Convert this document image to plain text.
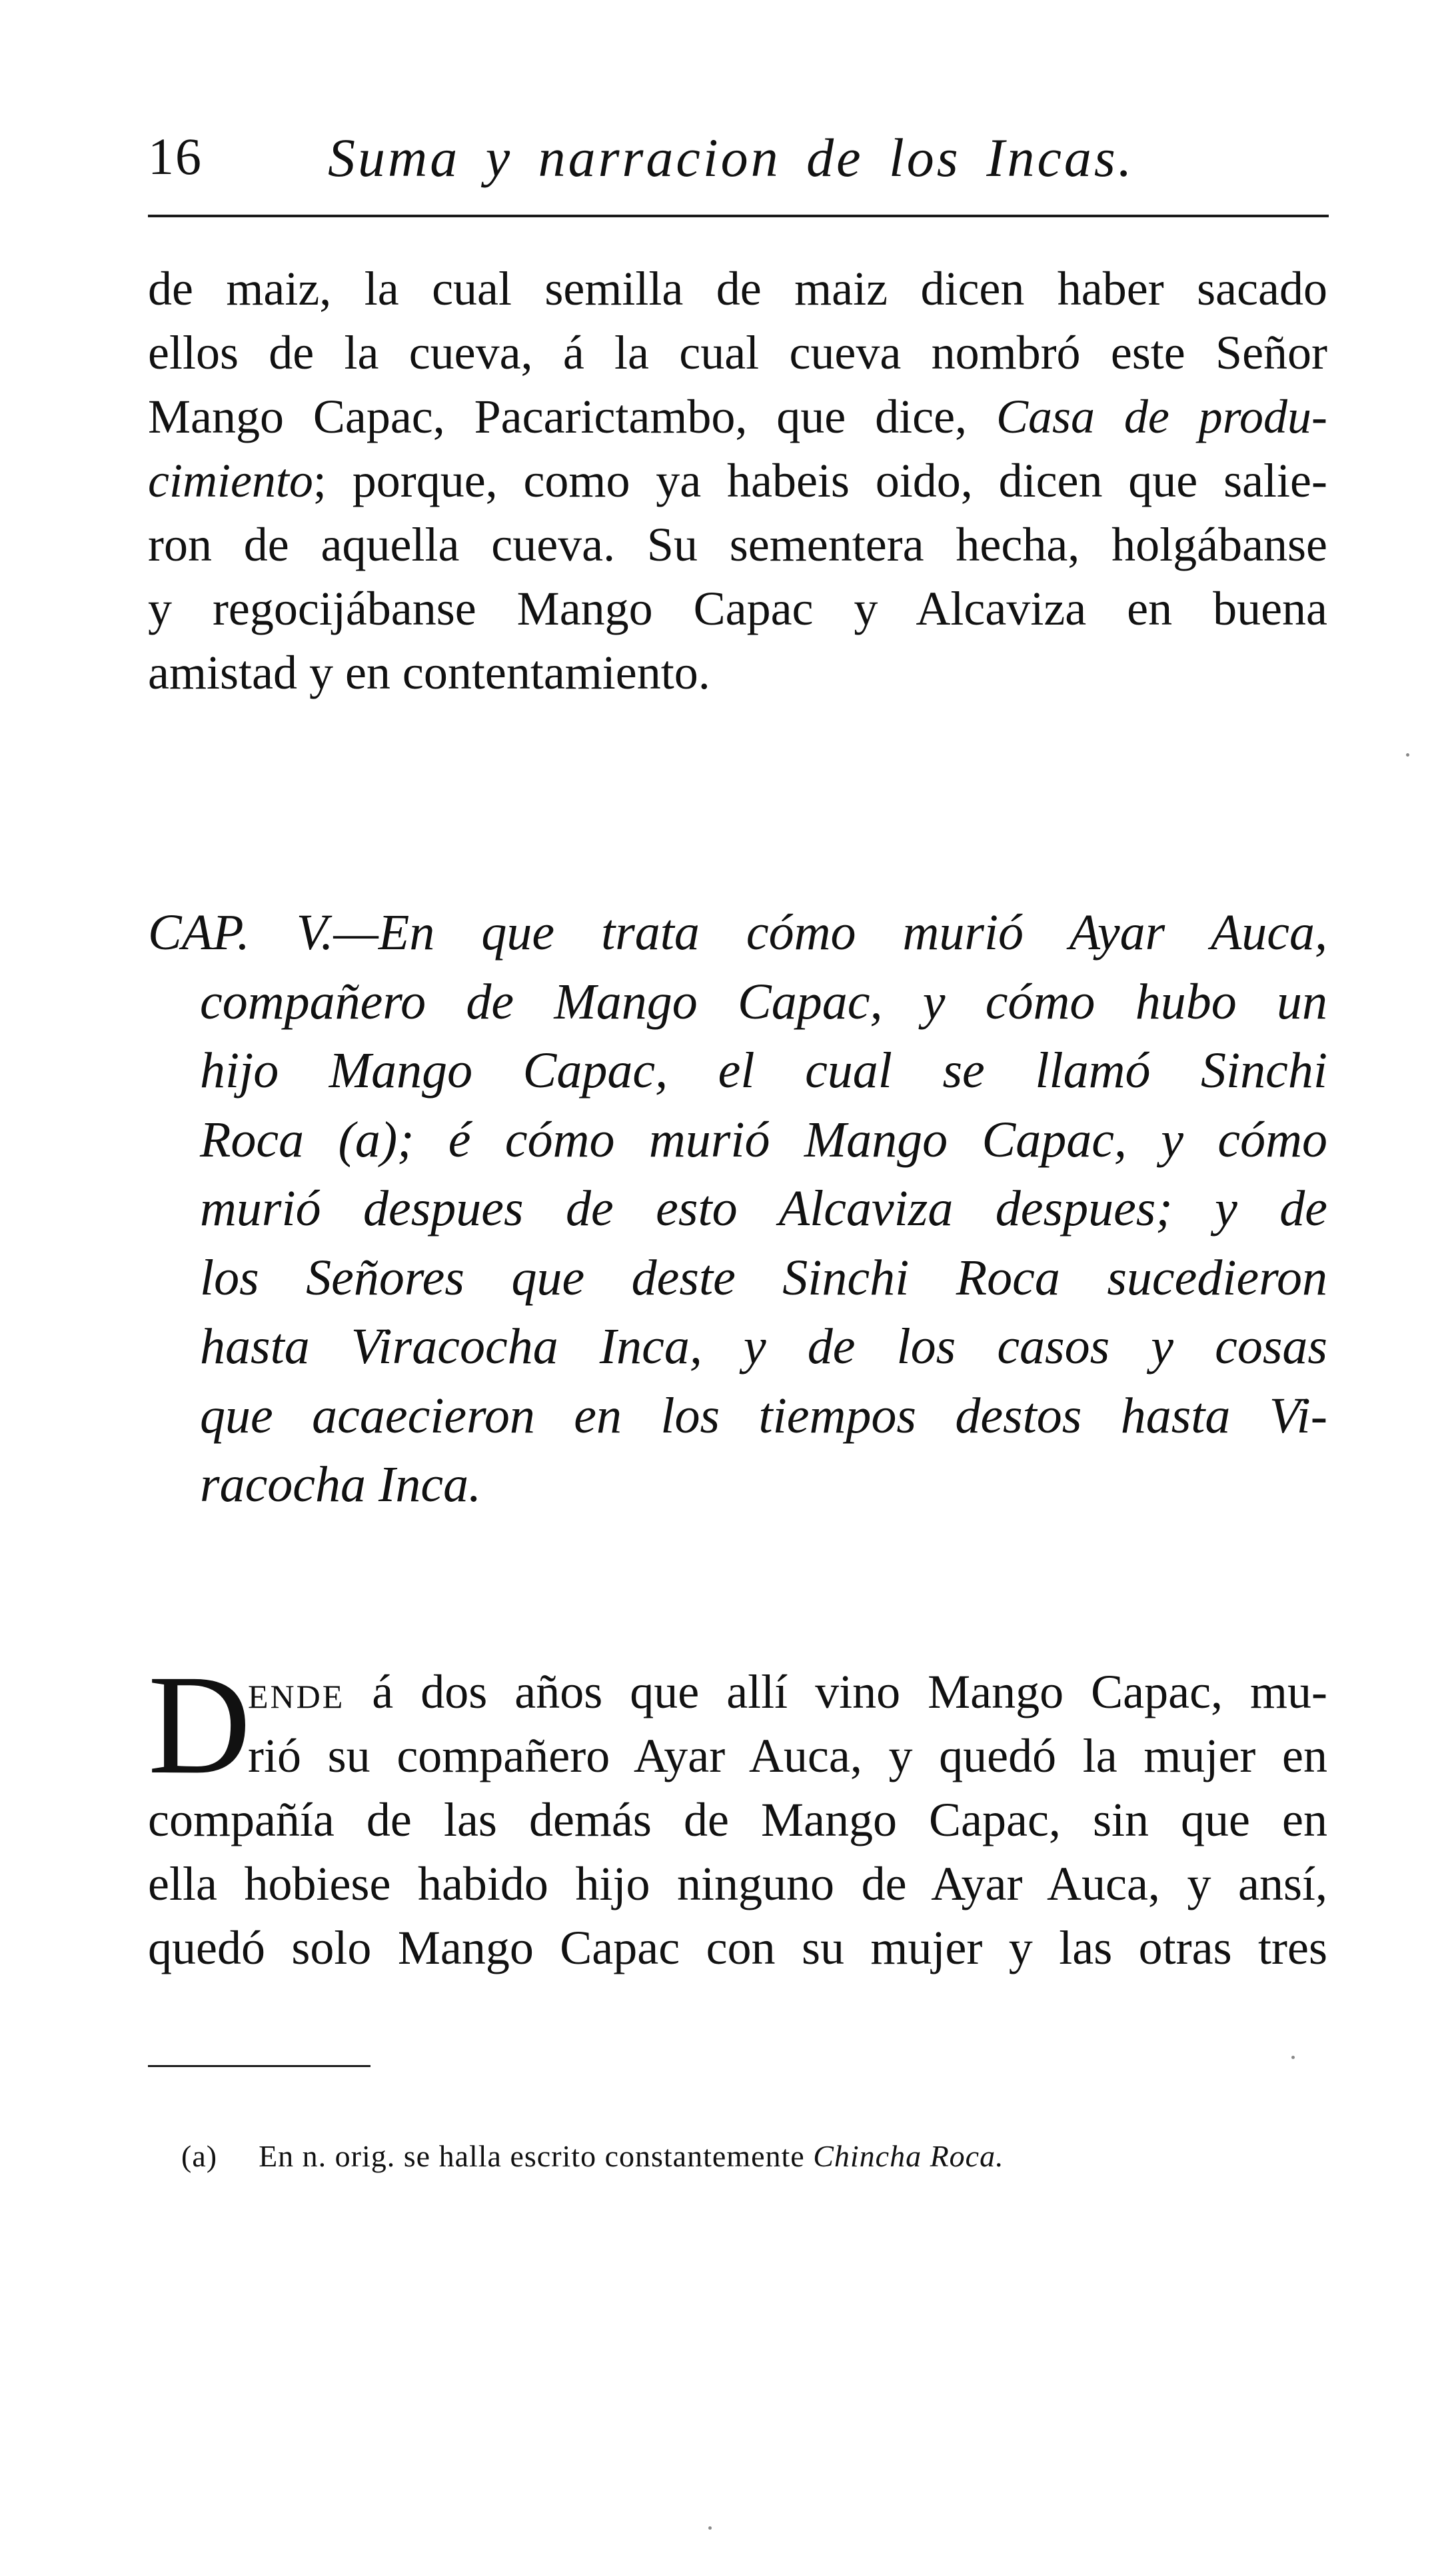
16 Suma y narracion de los Incas.
de maiz, la cual semilla de maiz dicen haber sacado
ellos de la cueva, á la cual cueva nombró este Señor
Mango Capac, Pacarictambo, que dice, Casa de produ-
cimiento; porque, como ya habeis oido, dicen que salie-
ron de aquella cueva. Su sementera hecha, holgábanse
y regocijábanse Mango Capac y Alcaviza en buena
amistad y en contentamiento.
CAP. V.—En que trata cómo murió Ayar Auca,
compañero de Mango Capac, y cómo hubo un
hijo Mango Capac, el cual se llamó Sinchi
Roca (a); é cómo murió Mango Capac, y cómo
murió despues de esto Alcaviza despues; y de
los Señores que deste Sinchi Roca sucedieron
hasta Viracocha Inca, y de los casos y cosas
que acaecieron en los tiempos destos hasta Vi-
racocha Inca.
D
ende á dos años que allí vino Mango Capac, mu-
rió su compañero Ayar Auca, y quedó la mujer en
compañía de las demás de Mango Capac, sin que en
ella hobiese habido hijo ninguno de Ayar Auca, y ansí,
quedó solo Mango Capac con su mujer y las otras tres
(a) En n. orig. se halla escrito constantemente Chincha Roca.
